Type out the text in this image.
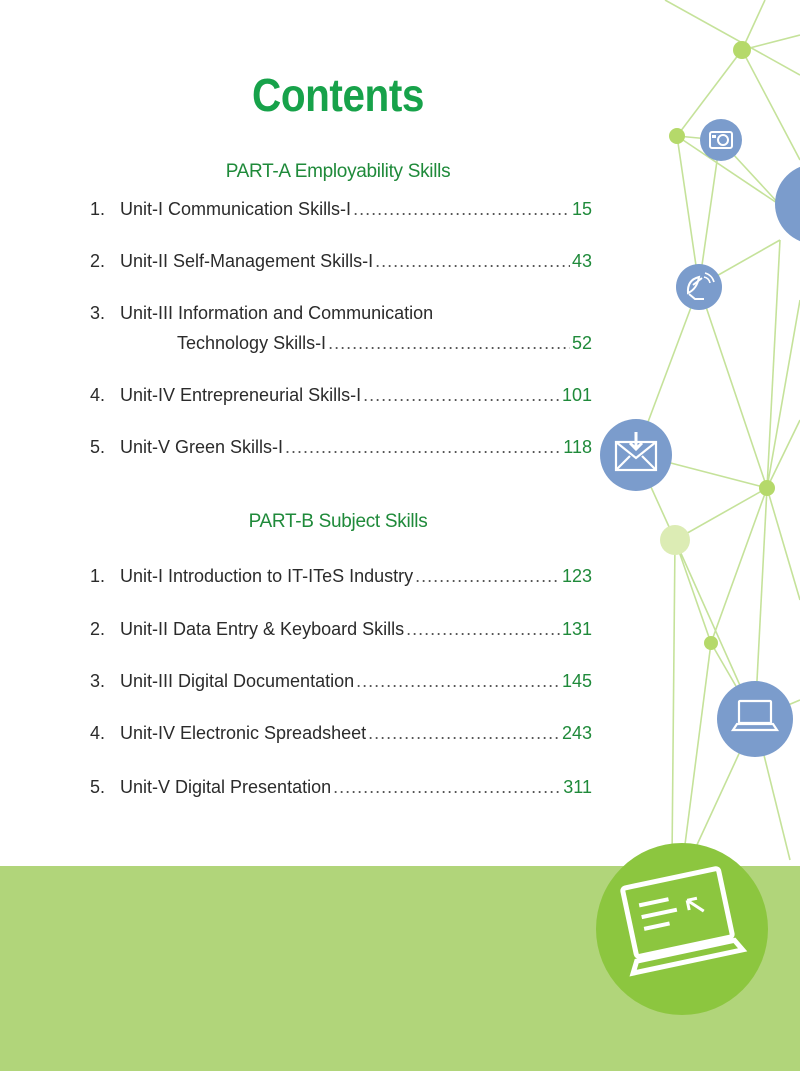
Contents
PART-A Employability Skills
1. Unit-I Communication Skills-I .....	15
2. Unit-II Self-Management Skills-I .....	43
3. Unit-III Information and Communication
Technology Skills-I .....	52
4. Unit-IV Entrepreneurial Skills-I .....	101
5. Unit-V Green Skills-I .....	118
PART-B Subject Skills
1. Unit-I Introduction to IT-ITeS Industry .....	123
2. Unit-II Data Entry & Keyboard Skills .....	131
3. Unit-III Digital Documentation .....	145
4. Unit-IV Electronic Spreadsheet .....	243
5. Unit-V Digital Presentation .....	311
